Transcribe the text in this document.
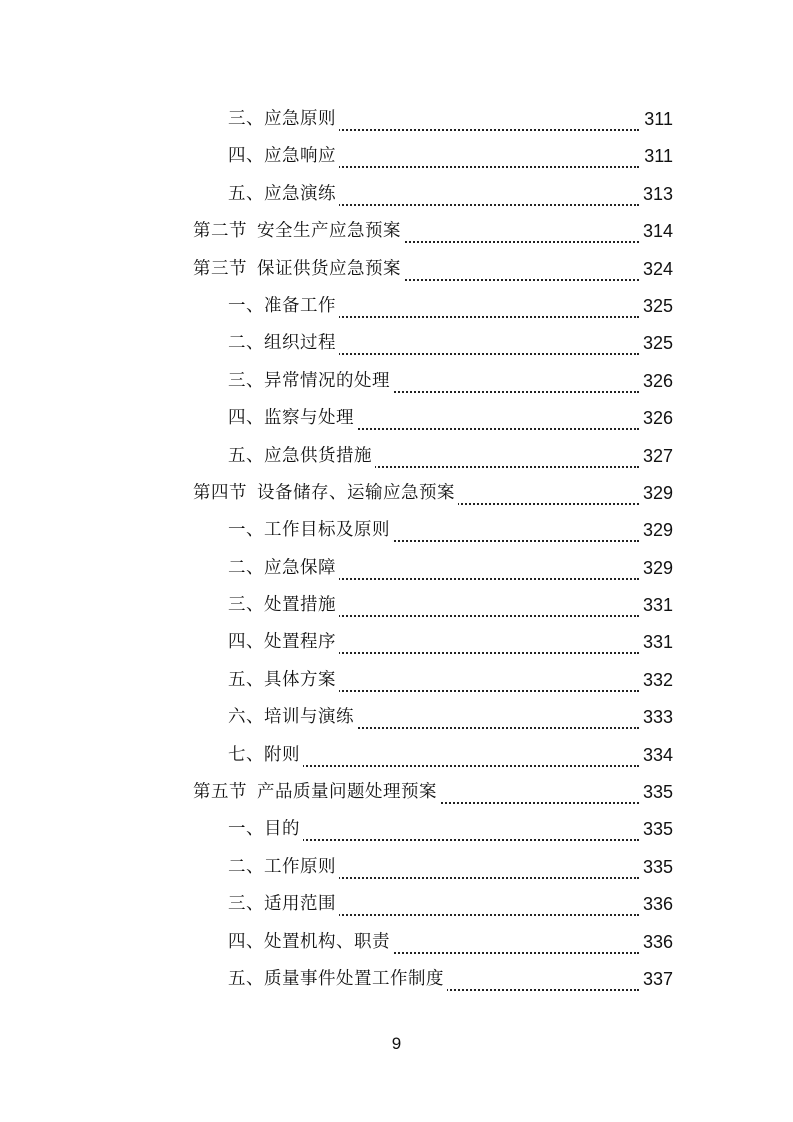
三、应急原则	311
四、应急响应	311
五、应急演练	313
第二节 安全生产应急预案	314
第三节 保证供货应急预案	324
一、准备工作	325
二、组织过程	325
三、异常情况的处理	326
四、监察与处理	326
五、应急供货措施	327
第四节 设备储存、运输应急预案	329
一、工作目标及原则	329
二、应急保障	329
三、处置措施	331
四、处置程序	331
五、具体方案	332
六、培训与演练	333
七、附则	334
第五节 产品质量问题处理预案	335
一、目的	335
二、工作原则	335
三、适用范围	336
四、处置机构、职责	336
五、质量事件处置工作制度	337
9
